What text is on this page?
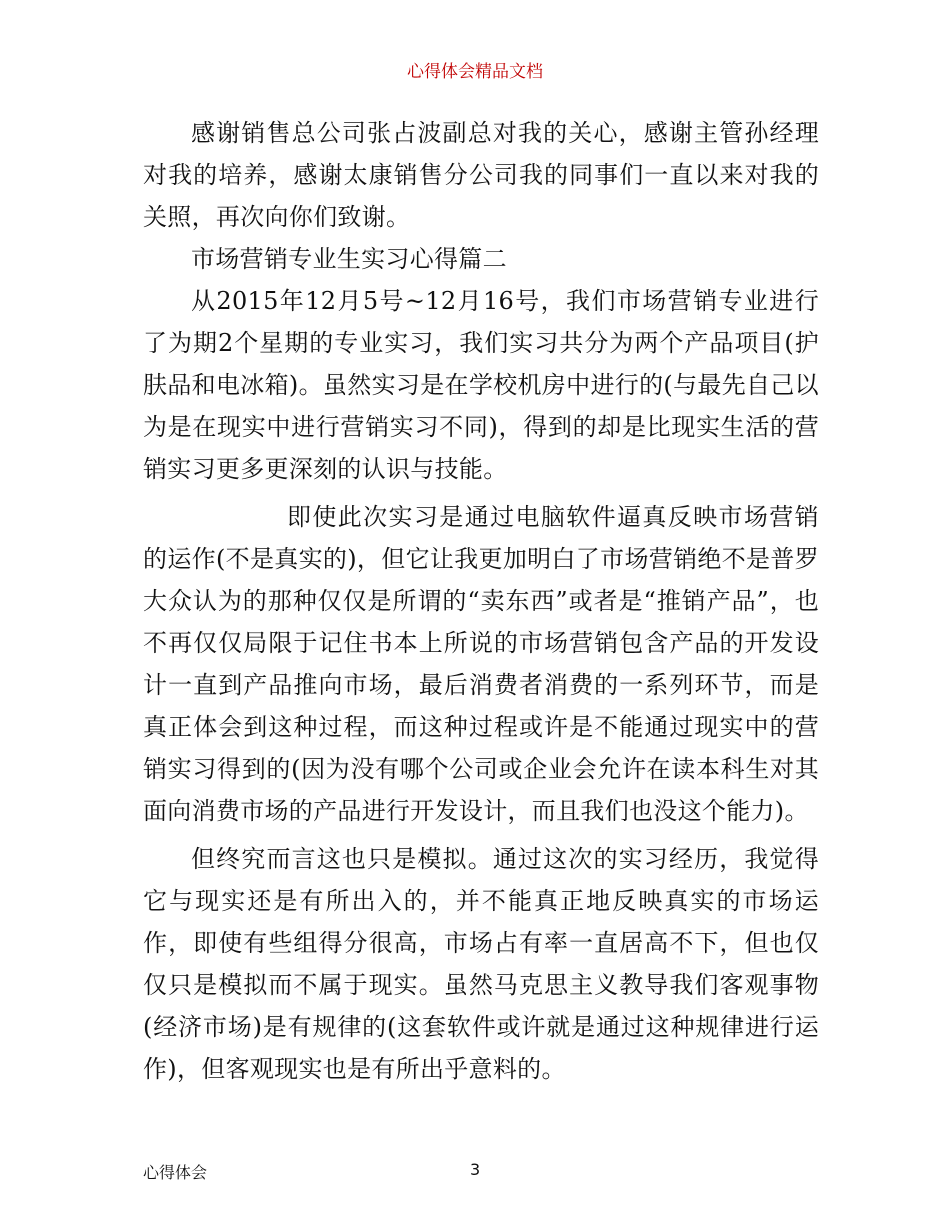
心得体会精品文档

感谢销售总公司张占波副总对我的关心，感谢主管孙经理对我的培养，感谢太康销售分公司我的同事们一直以来对我的关照，再次向你们致谢。

市场营销专业生实习心得篇二

从2015年12月5号~12月16号，我们市场营销专业进行了为期2个星期的专业实习，我们实习共分为两个产品项目(护肤品和电冰箱)。虽然实习是在学校机房中进行的(与最先自己以为是在现实中进行营销实习不同)，得到的却是比现实生活的营销实习更多更深刻的认识与技能。

即使此次实习是通过电脑软件逼真反映市场营销的运作(不是真实的)，但它让我更加明白了市场营销绝不是普罗大众认为的那种仅仅是所谓的“卖东西”或者是“推销产品”，也不再仅仅局限于记住书本上所说的市场营销包含产品的开发设计一直到产品推向市场，最后消费者消费的一系列环节，而是真正体会到这种过程，而这种过程或许是不能通过现实中的营销实习得到的(因为没有哪个公司或企业会允许在读本科生对其面向消费市场的产品进行开发设计，而且我们也没这个能力)。

但终究而言这也只是模拟。通过这次的实习经历，我觉得它与现实还是有所出入的，并不能真正地反映真实的市场运作，即使有些组得分很高，市场占有率一直居高不下，但也仅仅只是模拟而不属于现实。虽然马克思主义教导我们客观事物(经济市场)是有规律的(这套软件或许就是通过这种规律进行运作)，但客观现实也是有所出乎意料的。

心得体会	3
